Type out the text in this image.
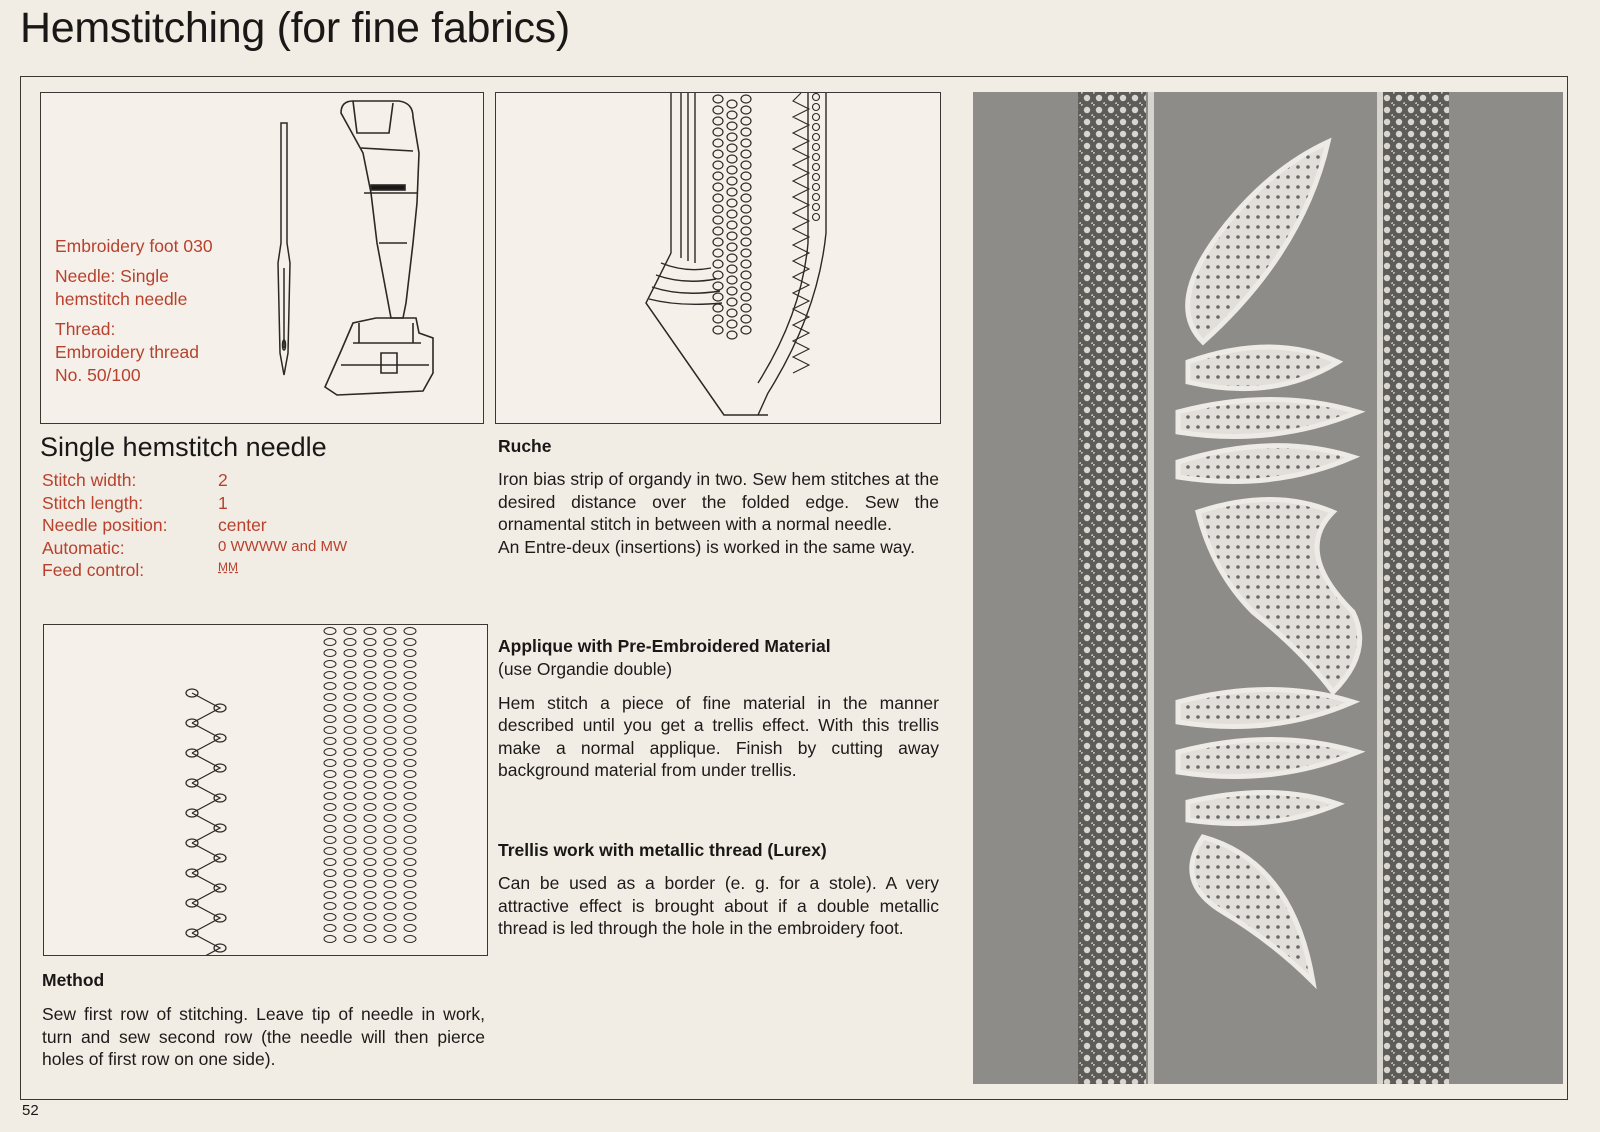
Hemstitching (for fine fabrics)

Embroidery foot 030

Needle: Single
hemstitch needle

Thread:
Embroidery thread
No. 50/100

Single hemstitch needle
Stitch width:	2
Stitch length:	1
Needle position:	center
Automatic:	0 WWWW and MW
Feed control:	MM

Method

Sew first row of stitching. Leave tip of needle in work, turn and sew second row (the needle will then pierce holes of first row on one side).

Ruche

Iron bias strip of organdy in two. Sew hem stitches at the desired distance over the folded edge. Sew the ornamental stitch in between with a normal needle.

An Entre-deux (insertions) is worked in the same way.

Applique with Pre-Embroidered Material

(use Organdie double)

Hem stitch a piece of fine material in the manner described until you get a trellis effect. With this trellis make a normal applique. Finish by cutting away background material from under trellis.

Trellis work with metallic thread (Lurex)

Can be used as a border (e. g. for a stole). A very attractive effect is brought about if a double metallic thread is led through the hole in the embroidery foot.

52
